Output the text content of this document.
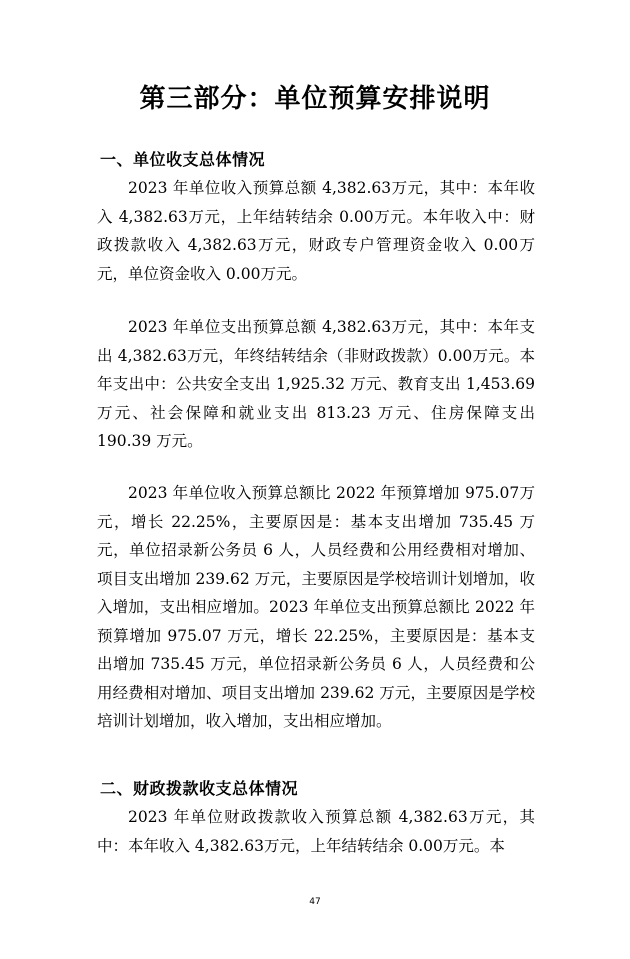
第三部分：单位预算安排说明
一、单位收支总体情况
2023 年单位收入预算总额 4,382.63万元，其中：本年收入 4,382.63万元，上年结转结余 0.00万元。本年收入中：财政拨款收入 4,382.63万元，财政专户管理资金收入 0.00万元，单位资金收入 0.00万元。
2023 年单位支出预算总额 4,382.63万元，其中：本年支出 4,382.63万元，年终结转结余（非财政拨款）0.00万元。本年支出中：公共安全支出 1,925.32 万元、教育支出 1,453.69 万元、社会保障和就业支出 813.23 万元、住房保障支出 190.39 万元。
2023 年单位收入预算总额比 2022 年预算增加 975.07万元，增长 22.25%，主要原因是：基本支出增加 735.45 万元，单位招录新公务员 6 人，人员经费和公用经费相对增加、项目支出增加 239.62 万元，主要原因是学校培训计划增加，收入增加，支出相应增加。2023 年单位支出预算总额比 2022 年预算增加 975.07 万元，增长 22.25%，主要原因是：基本支出增加 735.45 万元，单位招录新公务员 6 人，人员经费和公用经费相对增加、项目支出增加 239.62 万元，主要原因是学校培训计划增加，收入增加，支出相应增加。
二、财政拨款收支总体情况
2023 年单位财政拨款收入预算总额 4,382.63万元，其中：本年收入 4,382.63万元，上年结转结余 0.00万元。本
47
